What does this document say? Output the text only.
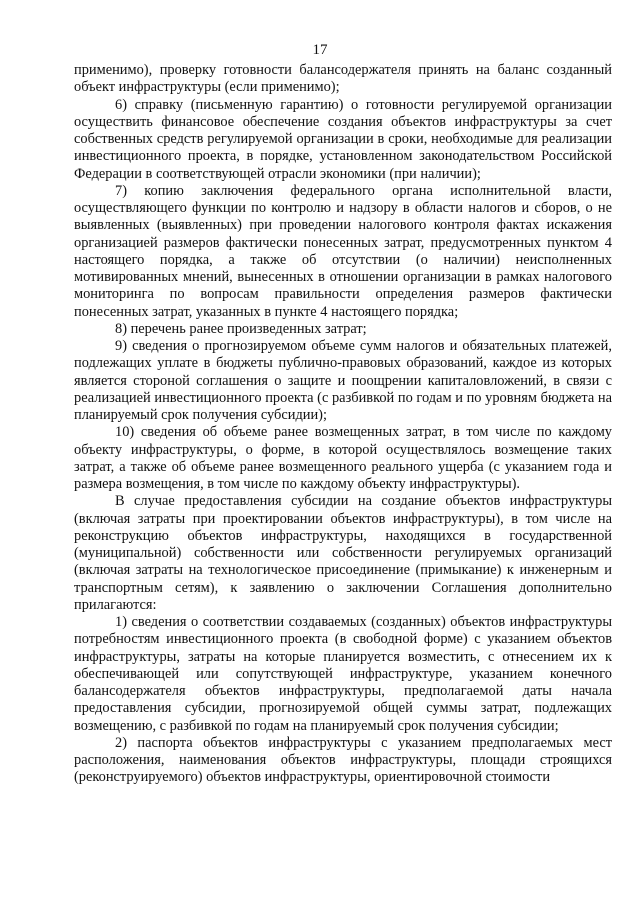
17

применимо), проверку готовности балансодержателя принять на баланс созданный объект инфраструктуры (если применимо);

6) справку (письменную гарантию) о готовности регулируемой организации осуществить финансовое обеспечение создания объектов инфраструктуры за счет собственных средств регулируемой организации в сроки, необходимые для реализации инвестиционного проекта, в порядке, установленном законодательством Российской Федерации в соответствующей отрасли экономики (при наличии);

7) копию заключения федерального органа исполнительной власти, осуществляющего функции по контролю и надзору в области налогов и сборов, о не выявленных (выявленных) при проведении налогового контроля фактах искажения организацией размеров фактически понесенных затрат, предусмотренных пунктом 4 настоящего порядка, а также об отсутствии (о наличии) неисполненных мотивированных мнений, вынесенных в отношении организации в рамках налогового мониторинга по вопросам правильности определения размеров фактически понесенных затрат, указанных в пункте 4 настоящего порядка;

8) перечень ранее произведенных затрат;

9) сведения о прогнозируемом объеме сумм налогов и обязательных платежей, подлежащих уплате в бюджеты публично-правовых образований, каждое из которых является стороной соглашения о защите и поощрении капиталовложений, в связи с реализацией инвестиционного проекта (с разбивкой по годам и по уровням бюджета на планируемый срок получения субсидии);

10) сведения об объеме ранее возмещенных затрат, в том числе по каждому объекту инфраструктуры, о форме, в которой осуществлялось возмещение таких затрат, а также об объеме ранее возмещенного реального ущерба (с указанием года и размера возмещения, в том числе по каждому объекту инфраструктуры).

В случае предоставления субсидии на создание объектов инфраструктуры (включая затраты при проектировании объектов инфраструктуры), в том числе на реконструкцию объектов инфраструктуры, находящихся в государственной (муниципальной) собственности или собственности регулируемых организаций (включая затраты на технологическое присоединение (примыкание) к инженерным и транспортным сетям), к заявлению о заключении Соглашения дополнительно прилагаются:

1) сведения о соответствии создаваемых (созданных) объектов инфраструктуры потребностям инвестиционного проекта (в свободной форме) с указанием объектов инфраструктуры, затраты на которые планируется возместить, с отнесением их к обеспечивающей или сопутствующей инфраструктуре, указанием конечного балансодержателя объектов инфраструктуры, предполагаемой даты начала предоставления субсидии, прогнозируемой общей суммы затрат, подлежащих возмещению, с разбивкой по годам на планируемый срок получения субсидии;

2) паспорта объектов инфраструктуры с указанием предполагаемых мест расположения, наименования объектов инфраструктуры, площади строящихся (реконструируемого) объектов инфраструктуры, ориентировочной стоимости
